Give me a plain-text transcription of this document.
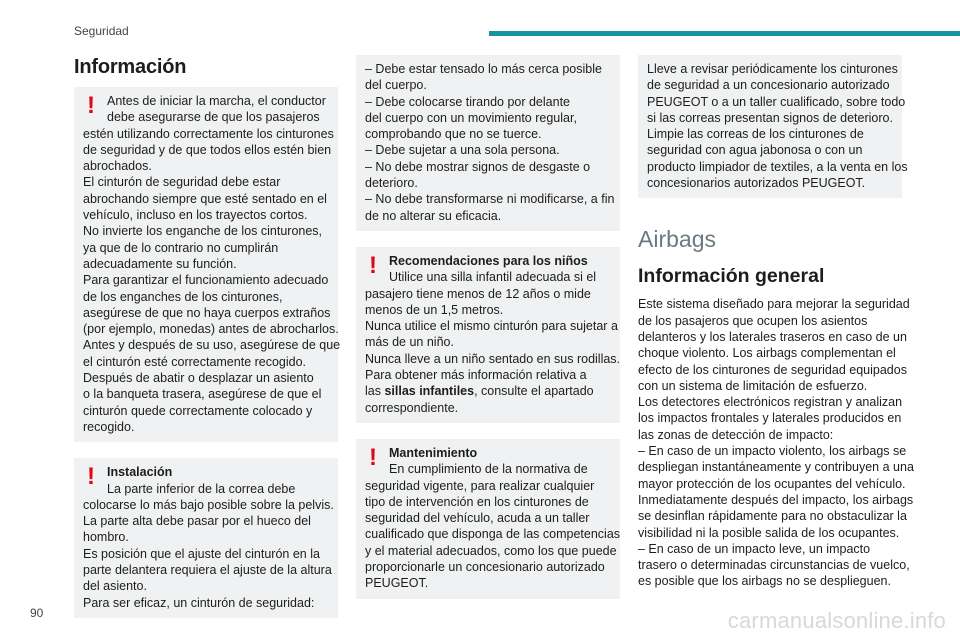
Seguridad
Información
! Antes de iniciar la marcha, el conductor
debe asegurarse de que los pasajeros
estén utilizando correctamente los cinturones
de seguridad y de que todos ellos estén bien
abrochados.
El cinturón de seguridad debe estar
abrochando siempre que esté sentado en el
vehículo, incluso en los trayectos cortos.
No invierte los enganche de los cinturones,
ya que de lo contrario no cumplirán
adecuadamente su función.
Para garantizar el funcionamiento adecuado
de los enganches de los cinturones,
asegúrese de que no haya cuerpos extraños
(por ejemplo, monedas) antes de abrocharlos.
Antes y después de su uso, asegúrese de que
el cinturón esté correctamente recogido.
Después de abatir o desplazar un asiento
o la banqueta trasera, asegúrese de que el
cinturón quede correctamente colocado y
recogido.
! Instalación
La parte inferior de la correa debe
colocarse lo más bajo posible sobre la pelvis.
La parte alta debe pasar por el hueco del
hombro.
Es posición que el ajuste del cinturón en la
parte delantera requiera el ajuste de la altura
del asiento.
Para ser eficaz, un cinturón de seguridad:
– Debe estar tensado lo más cerca posible
del cuerpo.
– Debe colocarse tirando por delante
del cuerpo con un movimiento regular,
comprobando que no se tuerce.
– Debe sujetar a una sola persona.
– No debe mostrar signos de desgaste o
deterioro.
– No debe transformarse ni modificarse, a fin
de no alterar su eficacia.
! Recomendaciones para los niños
Utilice una silla infantil adecuada si el
pasajero tiene menos de 12 años o mide
menos de un 1,5 metros.
Nunca utilice el mismo cinturón para sujetar a
más de un niño.
Nunca lleve a un niño sentado en sus rodillas.
Para obtener más información relativa a
las sillas infantiles, consulte el apartado
correspondiente.
! Mantenimiento
En cumplimiento de la normativa de
seguridad vigente, para realizar cualquier
tipo de intervención en los cinturones de
seguridad del vehículo, acuda a un taller
cualificado que disponga de las competencias
y el material adecuados, como los que puede
proporcionarle un concesionario autorizado
PEUGEOT.
Lleve a revisar periódicamente los cinturones
de seguridad a un concesionario autorizado
PEUGEOT o a un taller cualificado, sobre todo
si las correas presentan signos de deterioro.
Limpie las correas de los cinturones de
seguridad con agua jabonosa o con un
producto limpiador de textiles, a la venta en los
concesionarios autorizados PEUGEOT.
Airbags
Información general
Este sistema diseñado para mejorar la seguridad
de los pasajeros que ocupen los asientos
delanteros y los laterales traseros en caso de un
choque violento. Los airbags complementan el
efecto de los cinturones de seguridad equipados
con un sistema de limitación de esfuerzo.
Los detectores electrónicos registran y analizan
los impactos frontales y laterales producidos en
las zonas de detección de impacto:
– En caso de un impacto violento, los airbags se
despliegan instantáneamente y contribuyen a una
mayor protección de los ocupantes del vehículo.
Inmediatamente después del impacto, los airbags
se desinflan rápidamente para no obstaculizar la
visibilidad ni la posible salida de los ocupantes.
– En caso de un impacto leve, un impacto
trasero o determinadas circunstancias de vuelco,
es posible que los airbags no se desplieguen.
90	carmanualsonline.info
